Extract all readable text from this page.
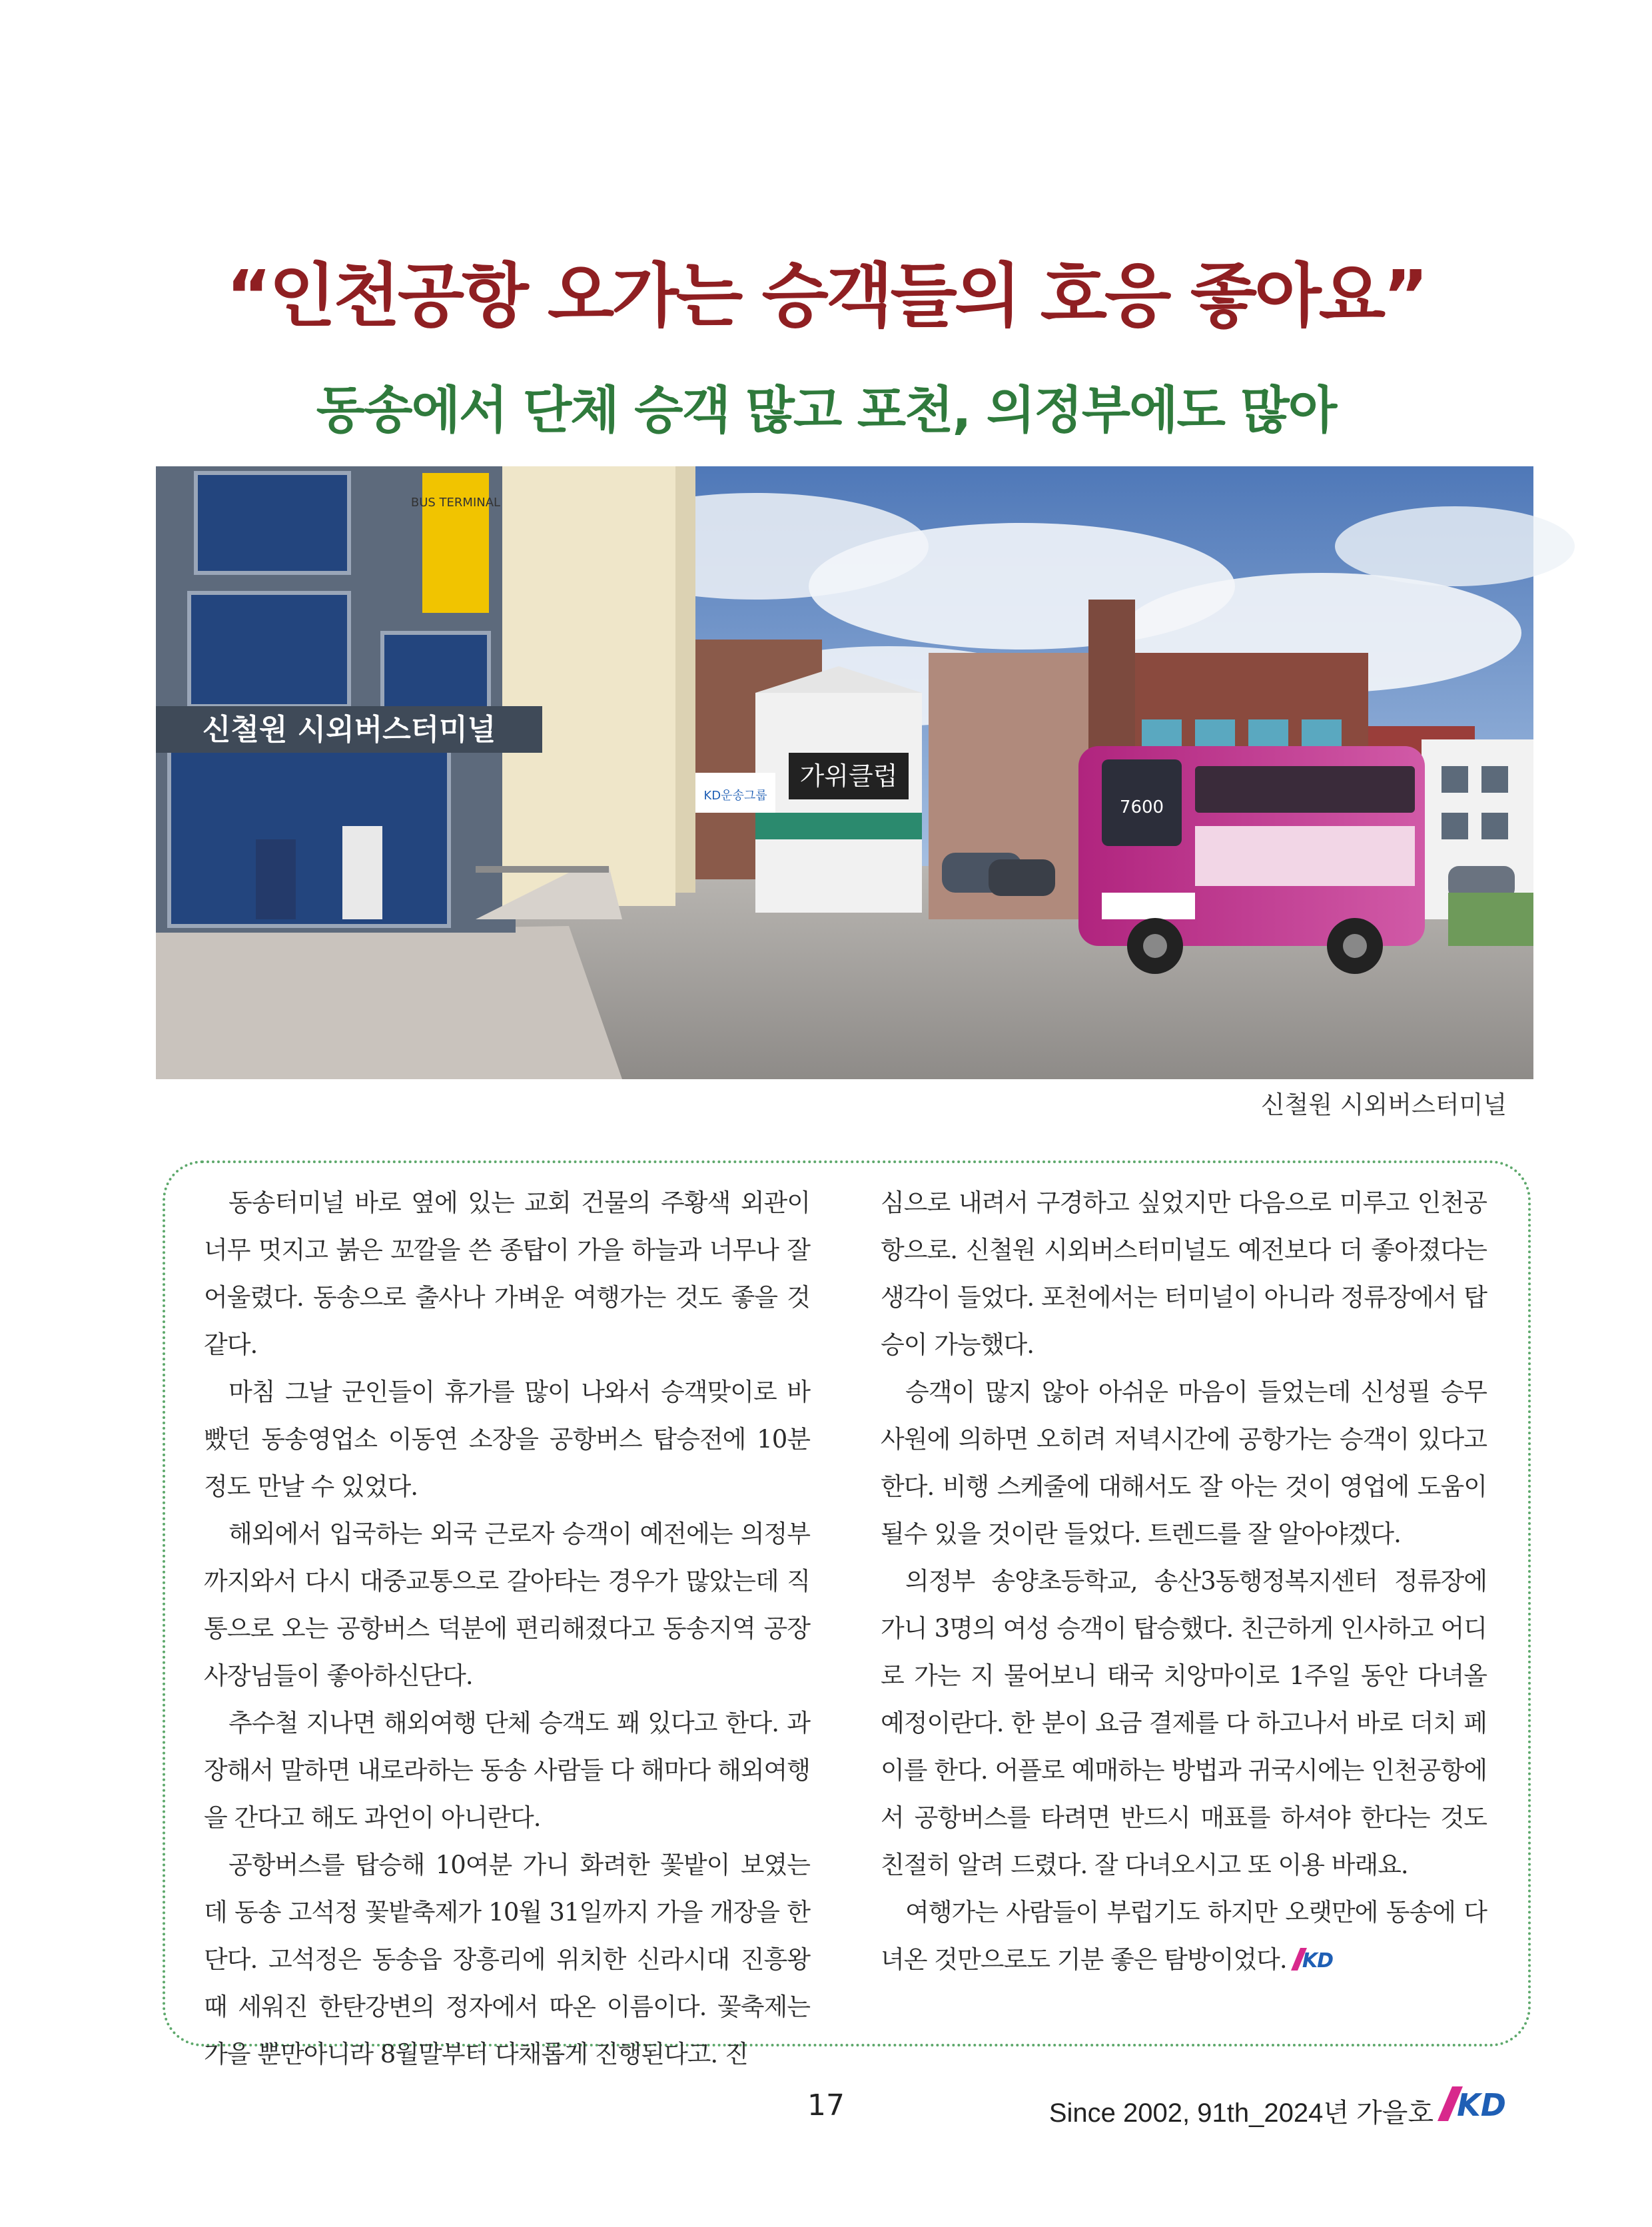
“인천공항 오가는 승객들의 호응 좋아요”
동송에서 단체 승객 많고 포천, 의정부에도 많아
BUS TERMINAL
신철원 시외버스터미널
가위클럽
KD운송그룹
7600
신철원 시외버스터미널

동송터미널 바로 옆에 있는 교회 건물의 주황색 외관이 너무 멋지고 붉은 꼬깔을 쓴 종탑이 가을 하늘과 너무나 잘 어울렸다. 동송으로 출사나 가벼운 여행가는 것도 좋을 것 같다.

마침 그날 군인들이 휴가를 많이 나와서 승객맞이로 바빴던 동송영업소 이동연 소장을 공항버스 탑승전에 10분 정도 만날 수 있었다.

해외에서 입국하는 외국 근로자 승객이 예전에는 의정부까지와서 다시 대중교통으로 갈아타는 경우가 많았는데 직통으로 오는 공항버스 덕분에 편리해졌다고 동송지역 공장 사장님들이 좋아하신단다.

추수철 지나면 해외여행 단체 승객도 꽤 있다고 한다. 과장해서 말하면 내로라하는 동송 사람들 다 해마다 해외여행을 간다고 해도 과언이 아니란다.

공항버스를 탑승해 10여분 가니 화려한 꽃밭이 보였는데 동송 고석정 꽃밭축제가 10월 31일까지 가을 개장을 한단다. 고석정은 동송읍 장흥리에 위치한 신라시대 진흥왕 때 세워진 한탄강변의 정자에서 따온 이름이다. 꽃축제는 가을 뿐만아니라 8월말부터 다채롭게 진행된다고. 진

심으로 내려서 구경하고 싶었지만 다음으로 미루고 인천공항으로. 신철원 시외버스터미널도 예전보다 더 좋아졌다는 생각이 들었다. 포천에서는 터미널이 아니라 정류장에서 탑승이 가능했다.

승객이 많지 않아 아쉬운 마음이 들었는데 신성필 승무사원에 의하면 오히려 저녁시간에 공항가는 승객이 있다고 한다. 비행 스케줄에 대해서도 잘 아는 것이 영업에 도움이 될수 있을 것이란 들었다. 트렌드를 잘 알아야겠다.

의정부 송양초등학교, 송산3동행정복지센터 정류장에 가니 3명의 여성 승객이 탑승했다. 친근하게 인사하고 어디로 가는 지 물어보니 태국 치앙마이로 1주일 동안 다녀올 예정이란다. 한 분이 요금 결제를 다 하고나서 바로 더치 페이를 한다. 어플로 예매하는 방법과 귀국시에는 인천공항에서 공항버스를 타려면 반드시 매표를 하셔야 한다는 것도 친절히 알려 드렸다. 잘 다녀오시고 또 이용 바래요.

여행가는 사람들이 부럽기도 하지만 오랫만에 동송에 다녀온 것만으로도 기분 좋은 탐방이었다. KD

17	Since 2002, 91th_2024년 가을호 KD
